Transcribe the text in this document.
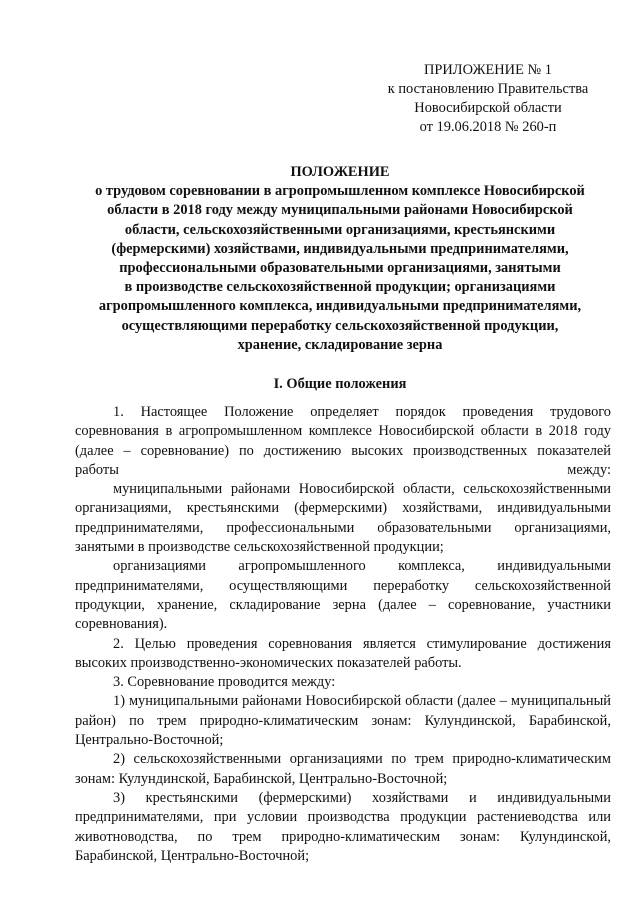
ПРИЛОЖЕНИЕ № 1
к постановлению Правительства
Новосибирской области
от 19.06.2018 № 260-п
ПОЛОЖЕНИЕ
о трудовом соревновании в агропромышленном комплексе Новосибирской
области в 2018 году между муниципальными районами Новосибирской
области, сельскохозяйственными организациями, крестьянскими
(фермерскими) хозяйствами, индивидуальными предпринимателями,
профессиональными образовательными организациями, занятыми
в производстве сельскохозяйственной продукции; организациями
агропромышленного комплекса, индивидуальными предпринимателями,
осуществляющими переработку сельскохозяйственной продукции,
хранение, складирование зерна
I. Общие положения

1. Настоящее Положение определяет порядок проведения трудового соревнования в агропромышленном комплексе Новосибирской области в 2018 году (далее – соревнование) по достижению высоких производственных показателей работы между:

муниципальными районами Новосибирской области, сельскохозяйственными организациями, крестьянскими (фермерскими) хозяйствами, индивидуальными предпринимателями, профессиональными образовательными организациями, занятыми в производстве сельскохозяйственной продукции;

организациями агропромышленного комплекса, индивидуальными предпринимателями, осуществляющими переработку сельскохозяйственной продукции, хранение, складирование зерна (далее – соревнование, участники соревнования).

2. Целью проведения соревнования является стимулирование достижения высоких производственно-экономических показателей работы.

3. Соревнование проводится между:

1) муниципальными районами Новосибирской области (далее – муниципальный район) по трем природно-климатическим зонам: Кулундинской, Барабинской, Центрально-Восточной;

2) сельскохозяйственными организациями по трем природно-климатическим зонам: Кулундинской, Барабинской, Центрально-Восточной;

3) крестьянскими (фермерскими) хозяйствами и индивидуальными предпринимателями, при условии производства продукции растениеводства или животноводства, по трем природно-климатическим зонам: Кулундинской, Барабинской, Центрально-Восточной;
